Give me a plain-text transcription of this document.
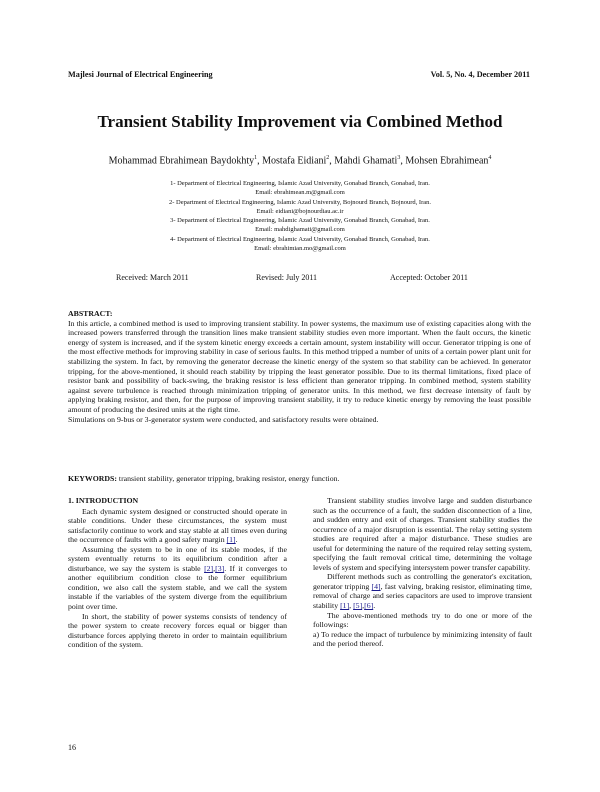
Majlesi Journal of Electrical Engineering	Vol. 5, No. 4, December 2011
Transient Stability Improvement via Combined Method
Mohammad Ebrahimean Baydokhty$^1$, Mostafa Eidiani$^2$, Mahdi Ghamati$^3$, Mohsen Ebrahimean$^4$
1- Department of Electrical Engineering, Islamic Azad University, Gonabad Branch, Gonabad, Iran.
Email: ebrahimean.m@gmail.com
2- Department of Electrical Engineering, Islamic Azad University, Bojnourd Branch, Bojnourd, Iran.
Email: eidiani@bojnourdiau.ac.ir
3- Department of Electrical Engineering, Islamic Azad University, Gonabad Branch, Gonabad, Iran.
Email: mahdighamati@gmail.com
4- Department of Electrical Engineering, Islamic Azad University, Gonabad Branch, Gonabad, Iran.
Email: ebrahimian.mo@gmail.com
Received: March 2011	Revised: July 2011	Accepted: October 2011
ABSTRACT:

In this article, a combined method is used to improving transient stability. In power systems, the maximum use of existing capacities along with the increased powers transferred through the transition lines make transient stability studies even more important. When the fault occurs, the kinetic energy of system is increased, and if the system kinetic energy exceeds a certain amount, system instability will occur. Generator tripping is one of the most effective methods for improving stability in case of serious faults. In this method tripped a number of units of a certain power plant unit for stabilizing the system. In fact, by removing the generator decrease the kinetic energy of the system so that stability can be achieved. In generator tripping, for the above-mentioned, it should reach stability by tripping the least generator possible. Due to its thermal limitations, fixed place of resistor bank and possibility of back-swing, the braking resistor is less efficient than generator tripping. In combined method, system stability against severe turbulence is reached through minimization tripping of generator units. In this method, we first decrease intensity of fault by applying braking resistor, and then, for the purpose of improving transient stability, it try to reduce kinetic energy by removing the least possible amount of producing the desired units at the right time.

Simulations on 9-bus or 3-generator system were conducted, and satisfactory results were obtained.

KEYWORDS: transient stability, generator tripping, braking resistor, energy function.
1. INTRODUCTION

Each dynamic system designed or constructed should operate in stable conditions. Under these circumstances, the system must satisfactorily continue to work and stay stable at all times even during the occurrence of faults with a good safety margin [1].

Assuming the system to be in one of its stable modes, if the system eventually returns to its equilibrium condition after a disturbance, we say the system is stable [2],[3]. If it converges to another equilibrium condition close to the former equilibrium condition, we also call the system stable, and we call the system instable if the variables of the system diverge from the equilibrium point over time.

In short, the stability of power systems consists of tendency of the power system to create recovery forces equal or bigger than disturbance forces applying thereto in order to maintain equilibrium condition of the system.

Transient stability studies involve large and sudden disturbance such as the occurrence of a fault, the sudden disconnection of a line, and sudden entry and exit of charges. Transient stability studies the occurrence of a major disruption is essential. The relay setting system studies are required after a major disturbance. These studies are useful for determining the nature of the required relay setting system, specifying the fault removal critical time, determining the voltage levels of system and specifying intersystem power transfer capability.

Different methods such as controlling the generator's excitation, generator tripping [4], fast valving, braking resistor, eliminating time, removal of charge and series capacitors are used to improve transient stability [1], [5],[6].

The above-mentioned methods try to do one or more of the followings:

a) To reduce the impact of turbulence by minimizing intensity of fault and the period thereof.

16
